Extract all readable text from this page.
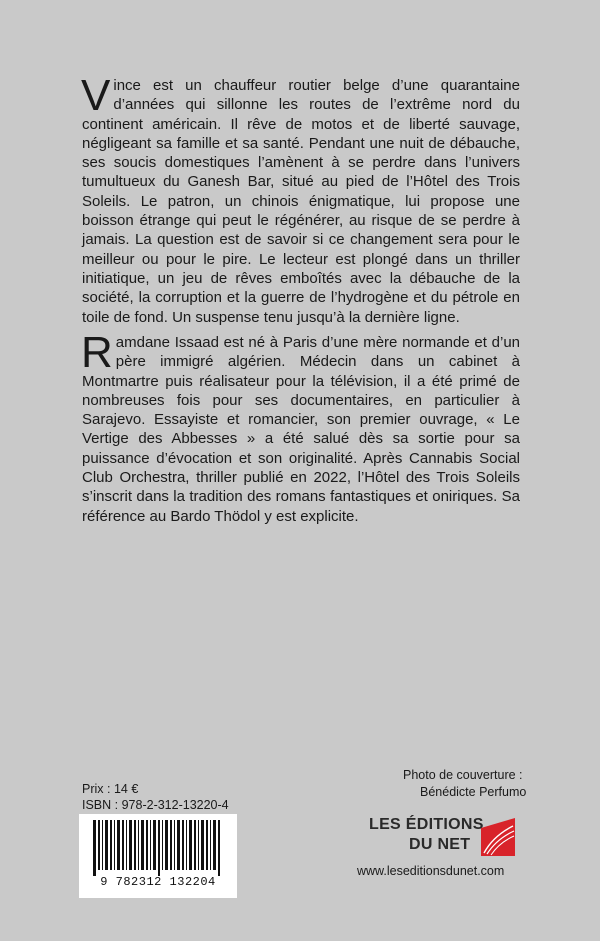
Vince est un chauffeur routier belge d’une quarantaine d’années qui sillonne les routes de l’extrême nord du continent américain. Il rêve de motos et de liberté sauvage, négligeant sa famille et sa santé. Pendant une nuit de débauche, ses soucis domestiques l’amènent à se perdre dans l’univers tumultueux du Ganesh Bar, situé au pied de l’Hôtel des Trois Soleils. Le patron, un chinois énigmatique, lui propose une boisson étrange qui peut le régénérer, au risque de se perdre à jamais. La question est de savoir si ce changement sera pour le meilleur ou pour le pire. Le lecteur est plongé dans un thriller initiatique, un jeu de rêves emboîtés avec la débauche de la société, la corruption et la guerre de l’hydrogène et du pétrole en toile de fond. Un suspense tenu jusqu’à la dernière ligne.

Ramdane Issaad est né à Paris d’une mère normande et d’un père immigré algérien. Médecin dans un cabinet à Montmartre puis réalisateur pour la télévision, il a été primé de nombreuses fois pour ses documentaires, en particulier à Sarajevo. Essayiste et romancier, son premier ouvrage, « Le Vertige des Abbesses » a été salué dès sa sortie pour sa puissance d’évocation et son originalité. Après Cannabis Social Club Orchestra, thriller publié en 2022, l’Hôtel des Trois Soleils s’inscrit dans la tradition des romans fantastiques et oniriques. Sa référence au Bardo Thödol y est explicite.

Prix : 14 €
ISBN : 978-2-312-13220-4
9 782312 132204
Photo de couverture :
Bénédicte Perfumo
LES ÉDITIONS
DU NET
www.leseditionsdunet.com
